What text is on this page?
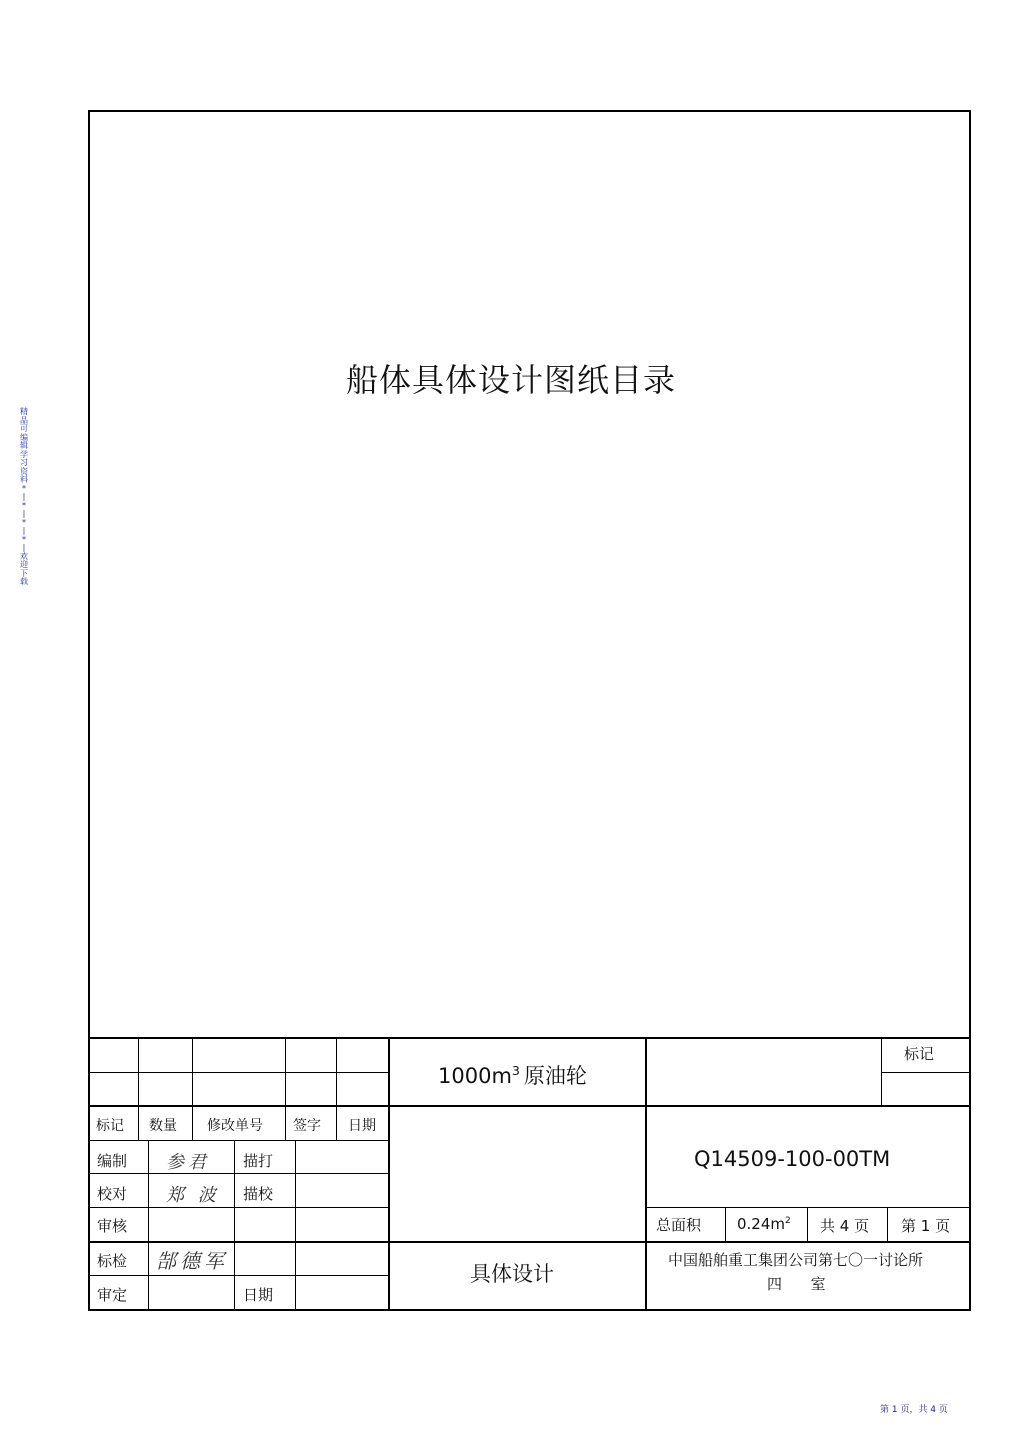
精
品
可
编
辑
学
习
资
料
*
|
*
|
*
|
*
|
欢
迎
下
载
船体具体设计图纸目录
$1000m^3$ 原油轮
标记
标记 数量 修改单号 签字 日期
编制
校对
审核
标检
审定
描打
描校
日期
参君
郑 波
郜德军
Q14509-100-00TM
总面积 $0.24m^2$ 共 4 页 第 1 页
具体设计
中国船舶重工集团公司第七〇一讨论所
四      室
第 1 页，共 4 页
